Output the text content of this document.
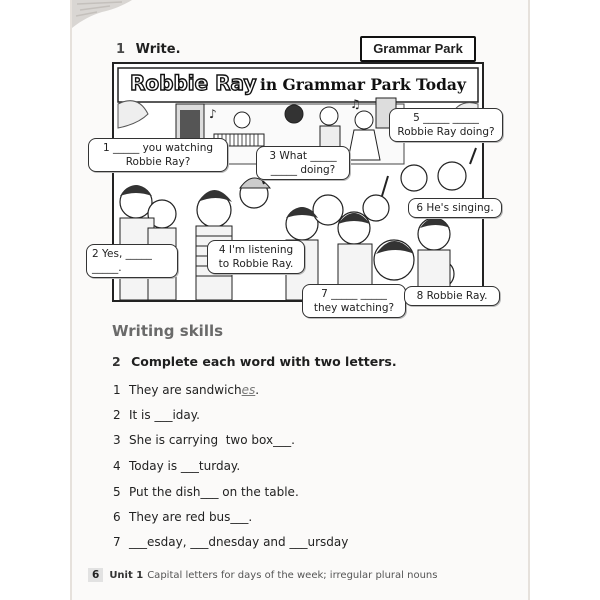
1 Write.	Grammar Park
♪
♫
Robbie Ray in Grammar Park Today
1 _____ you watching
Robbie Ray?	3 What _____
_____ doing?
5 _____ _____
Robbie Ray doing?
6 He's singing.
2 Yes, _____
_____.
4 I'm listening
to Robbie Ray.
7 _____ _____
they watching?
8 Robbie Ray.
Writing skills
2 Complete each word with two letters.
1 They are sandwiches.
2 It is ___iday.
3 She is carrying  two box___.
4 Today is ___turday.
5 Put the dish___ on the table.
6 They are red bus___.
7 ___esday, ___dnesday and ___ursday
6 Unit 1 Capital letters for days of the week; irregular plural nouns
